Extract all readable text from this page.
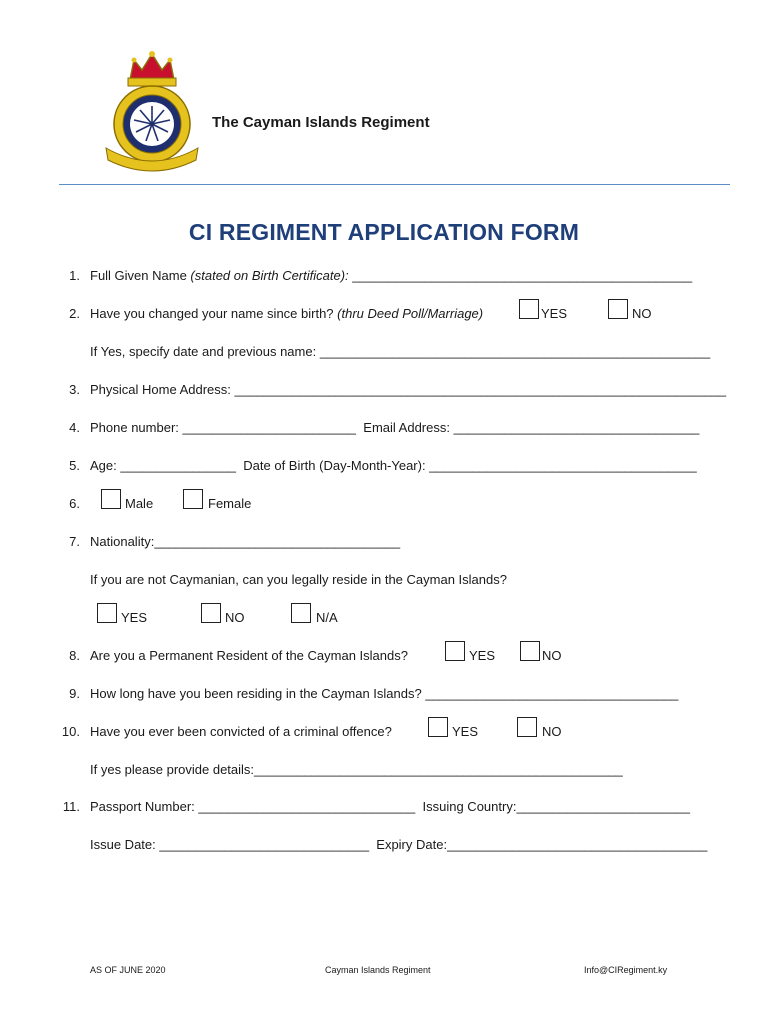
The Cayman Islands Regiment
CI REGIMENT APPLICATION FORM
1. Full Given Name (stated on Birth Certificate): _______________________________________________
2. Have you changed your name since birth? (thru Deed Poll/Marriage)	YES	NO
If Yes, specify date and previous name: ______________________________________________________
3. Physical Home Address: ____________________________________________________________________
4. Phone number: ________________________  Email Address: __________________________________
5. Age: ________________  Date of Birth (Day-Month-Year): _____________________________________
6.	Male	Female
7. Nationality:__________________________________
If you are not Caymanian, can you legally reside in the Cayman Islands?
YES	NO	N/A
8. Are you a Permanent Resident of the Cayman Islands?	YES	NO
9. How long have you been residing in the Cayman Islands? ___________________________________
10. Have you ever been convicted of a criminal offence?	YES	NO
If yes please provide details:___________________________________________________
11. Passport Number: ______________________________  Issuing Country:________________________
Issue Date: _____________________________  Expiry Date:____________________________________
AS OF JUNE 2020	Cayman Islands Regiment	Info@CIRegiment.ky
